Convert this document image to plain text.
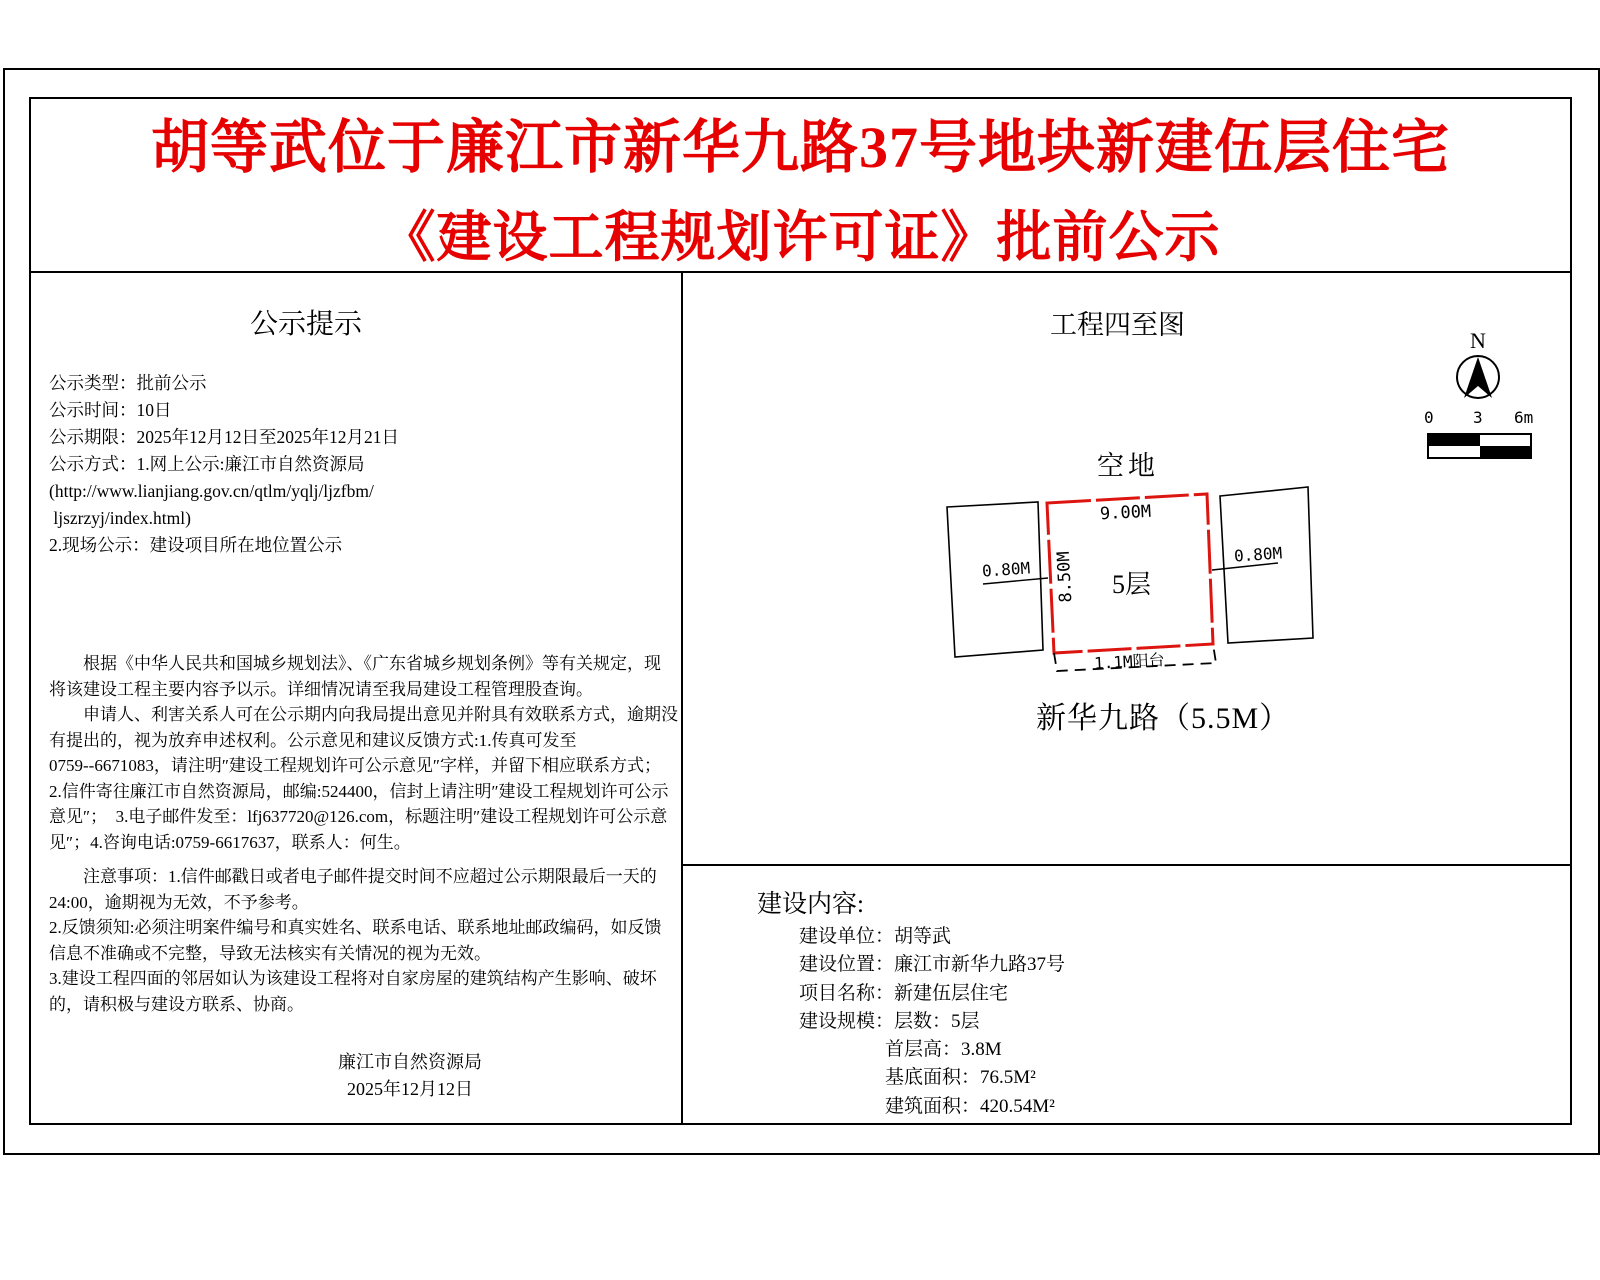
胡等武位于廉江市新华九路37号地块新建伍层住宅
《建设工程规划许可证》批前公示
公示提示
公示类型：批前公示
公示时间：10日
公示期限：2025年12月12日至2025年12月21日
公示方式：1.网上公示:廉江市自然资源局
(http://www.lianjiang.gov.cn/qtlm/yqlj/ljzfbm/
ljszrzyj/index.html)
2.现场公示：建设项目所在地位置公示
　　根据《中华人民共和国城乡规划法》、《广东省城乡规划条例》等有关规定，现
将该建设工程主要内容予以示。详细情况请至我局建设工程管理股查询。
　　申请人、利害关系人可在公示期内向我局提出意见并附具有效联系方式，逾期没
有提出的，视为放弃申述权利。公示意见和建议反馈方式:1.传真可发至
0759--6671083，请注明″建设工程规划许可公示意见″字样，并留下相应联系方式；
2.信件寄往廉江市自然资源局，邮编:524400，信封上请注明″建设工程规划许可公示
意见″；  3.电子邮件发至：lfj637720@126.com，标题注明″建设工程规划许可公示意
见″；4.咨询电话:0759-6617637，联系人：何生。
　　注意事项：1.信件邮戳日或者电子邮件提交时间不应超过公示期限最后一天的
24:00，逾期视为无效，不予参考。
2.反馈须知:必须注明案件编号和真实姓名、联系电话、联系地址邮政编码，如反馈
信息不准确或不完整，导致无法核实有关情况的视为无效。
3.建设工程四面的邻居如认为该建设工程将对自家房屋的建筑结构产生影响、破坏
的，请积极与建设方联系、协商。
廉江市自然资源局
2025年12月12日
工程四至图
N
0 3 6m
空地
9.00M
8.50M 5层
1.1M阳台
0.80M
0.80M
新华九路（5.5M）
建设内容:
建设单位：胡等武
建设位置：廉江市新华九路37号
项目名称：新建伍层住宅
建设规模：层数：5层
首层高：3.8M
基底面积：76.5M²
建筑面积：420.54M²
